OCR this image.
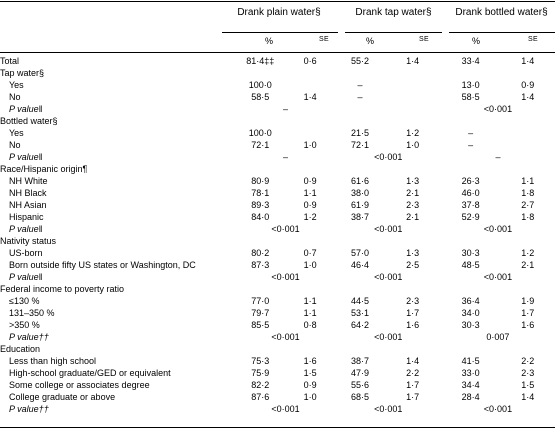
Drank plain water§	Drank tap water§	Drank bottled water§
%	SE	%	SE	%	SE
Total	81·4‡‡	0·6	55·2	1·4	33·4	1·4
Tap water§						
Yes	100·0		–		13·0	0·9
No	58·5	1·4	–		58·5	1·4
P value‖	–				<0·001	
Bottled water§						
Yes	100·0		21·5	1·2	–	
No	72·1	1·0	72·1	1·0	–	
P value‖	–		<0·001		–	
Race/Hispanic origin¶						
NH White	80·9	0·9	61·6	1·3	26·3	1·1
NH Black	78·1	1·1	38·0	2·1	46·0	1·8
NH Asian	89·3	0·9	61·9	2·3	37·8	2·7
Hispanic	84·0	1·2	38·7	2·1	52·9	1·8
P value‖	<0·001		<0·001		<0·001	
Nativity status						
US-born	80·2	0·7	57·0	1·3	30·3	1·2
Born outside fifty US states or Washington, DC	87·3	1·0	46·4	2·5	48·5	2·1
P value‖	<0·001		<0·001		<0·001	
Federal income to poverty ratio						
≤130 %	77·0	1·1	44·5	2·3	36·4	1·9
131–350 %	79·7	1·1	53·1	1·7	34·0	1·7
>350 %	85·5	0·8	64·2	1·6	30·3	1·6
P value††	<0·001		<0·001		0·007	
Education						
Less than high school	75·3	1·6	38·7	1·4	41·5	2·2
High-school graduate/GED or equivalent	75·9	1·5	47·9	2·2	33·0	2·3
Some college or associates degree	82·2	0·9	55·6	1·7	34·4	1·5
College graduate or above	87·6	1·0	68·5	1·7	28·4	1·4
P value††	<0·001		<0·001		<0·001	
